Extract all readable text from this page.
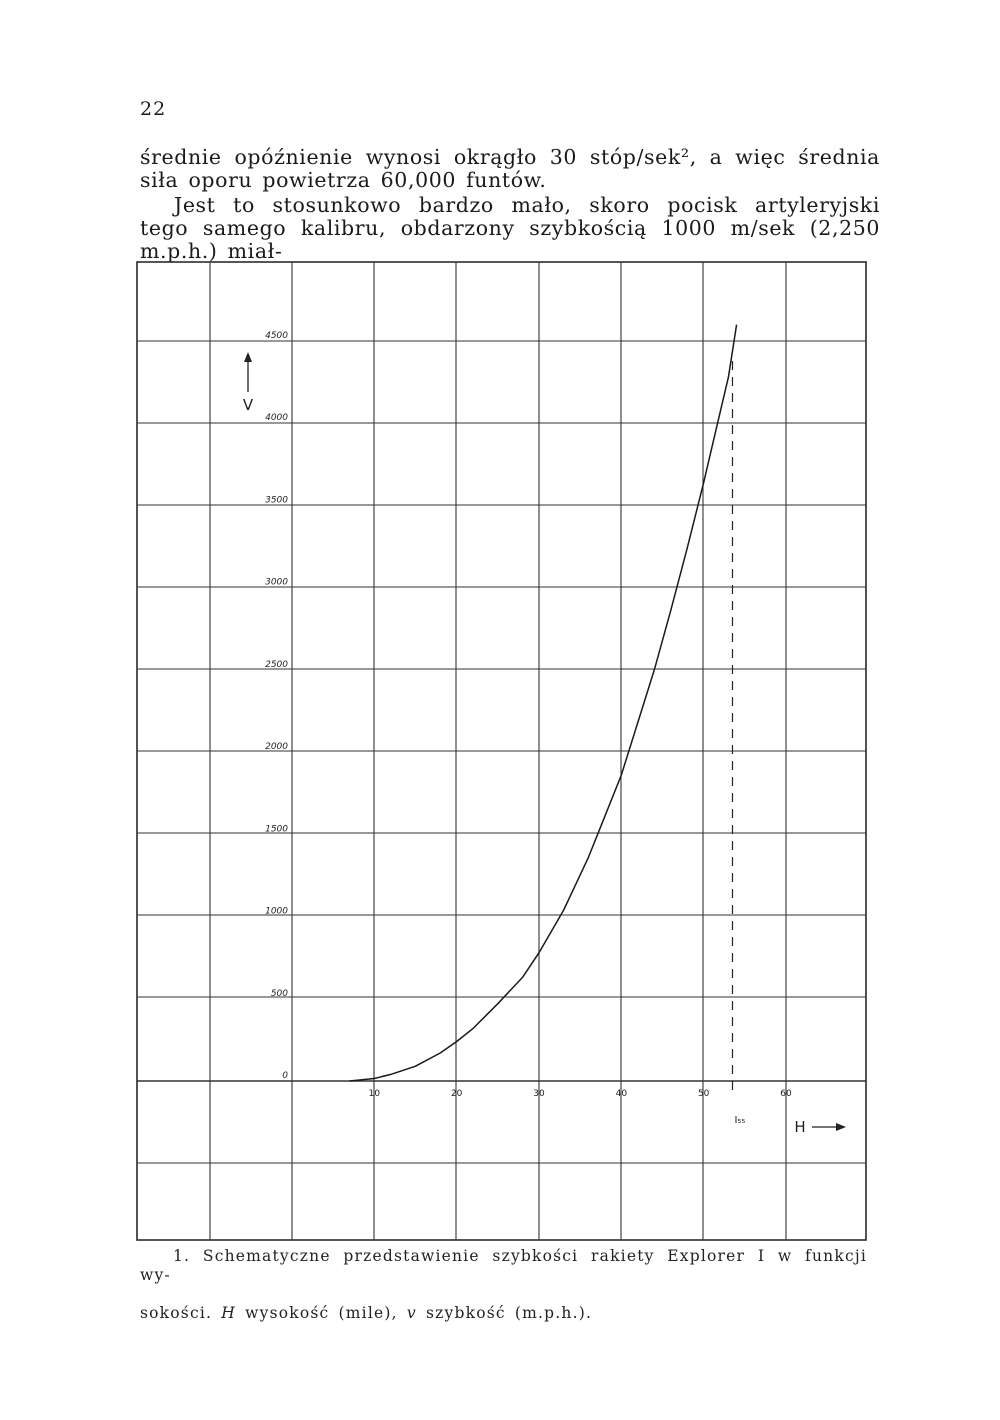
22

średnie opóźnienie wynosi okrągło 30 stóp/sek², a więc średnia siła oporu powietrza 60,000 funtów.

Jest to stosunkowo bardzo mało, skoro pocisk artyleryjski tego samego kalibru, obdarzony szybkością 1000 m/sek (2,250 m.p.h.) miał-

0
500
1000
1500
2000
2500
3000
3500
4000
4500
10	20	30	40	50	60
V
H
I₅₅

1. Schematyczne przedstawienie szybkości rakiety Explorer I w funkcji wy-
sokości. H wysokość (mile), v szybkość (m.p.h.).
